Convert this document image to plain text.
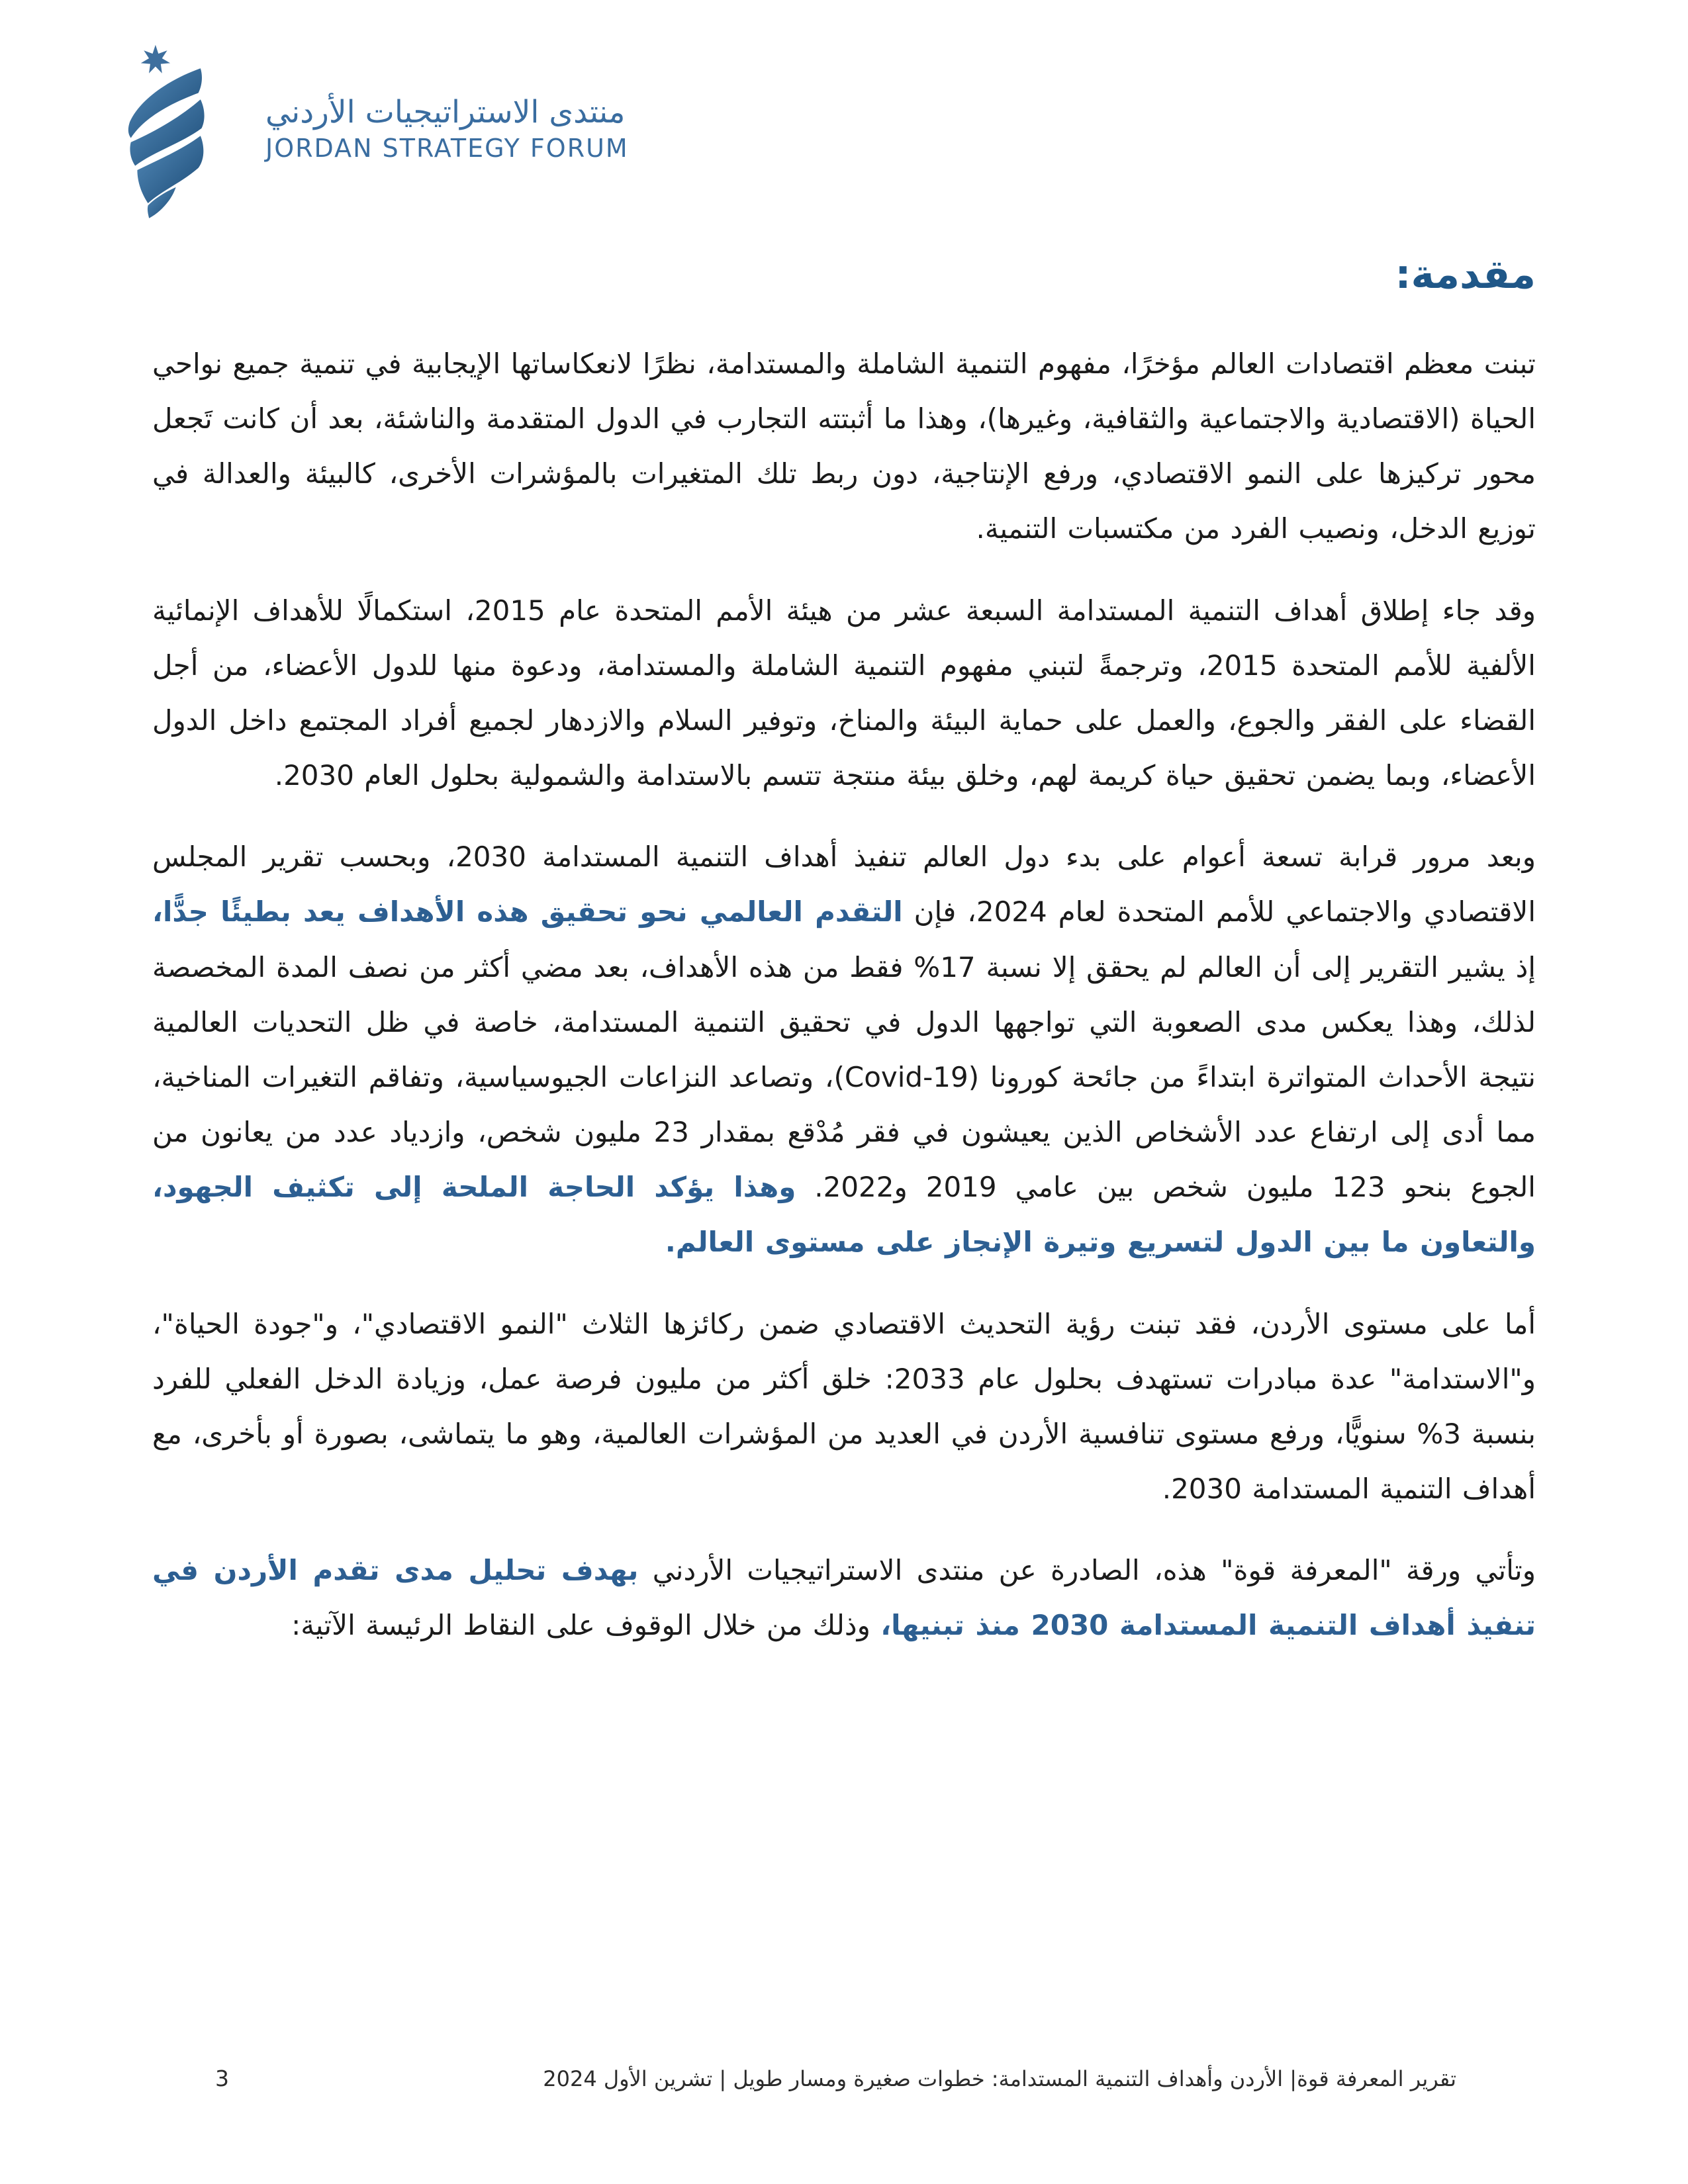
منتدى الاستراتيجيات الأردني
JORDAN STRATEGY FORUM
مقدمة:

تبنت معظم اقتصادات العالم مؤخرًا، مفهوم التنمية الشاملة والمستدامة، نظرًا لانعكاساتها الإيجابية في تنمية جميع نواحي الحياة (الاقتصادية والاجتماعية والثقافية، وغيرها)، وهذا ما أثبتته التجارب في الدول المتقدمة والناشئة، بعد أن كانت تَجعل محور تركيزها على النمو الاقتصادي، ورفع الإنتاجية، دون ربط تلك المتغيرات بالمؤشرات الأخرى، كالبيئة والعدالة في توزيع الدخل، ونصيب الفرد من مكتسبات التنمية.

وقد جاء إطلاق أهداف التنمية المستدامة السبعة عشر من هيئة الأمم المتحدة عام 2015، استكمالًا للأهداف الإنمائية الألفية للأمم المتحدة 2015، وترجمةً لتبني مفهوم التنمية الشاملة والمستدامة، ودعوة منها للدول الأعضاء، من أجل القضاء على الفقر والجوع، والعمل على حماية البيئة والمناخ، وتوفير السلام والازدهار لجميع أفراد المجتمع داخل الدول الأعضاء، وبما يضمن تحقيق حياة كريمة لهم، وخلق بيئة منتجة تتسم بالاستدامة والشمولية بحلول العام 2030.

وبعد مرور قرابة تسعة أعوام على بدء دول العالم تنفيذ أهداف التنمية المستدامة 2030، وبحسب تقرير المجلس الاقتصادي والاجتماعي للأمم المتحدة لعام 2024، فإن التقدم العالمي نحو تحقيق هذه الأهداف يعد بطيئًا جدًّا، إذ يشير التقرير إلى أن العالم لم يحقق إلا نسبة 17% فقط من هذه الأهداف، بعد مضي أكثر من نصف المدة المخصصة لذلك، وهذا يعكس مدى الصعوبة التي تواجهها الدول في تحقيق التنمية المستدامة، خاصة في ظل التحديات العالمية نتيجة الأحداث المتواترة ابتداءً من جائحة كورونا (Covid-19)، وتصاعد النزاعات الجيوسياسية، وتفاقم التغيرات المناخية، مما أدى إلى ارتفاع عدد الأشخاص الذين يعيشون في فقر مُدْقع بمقدار 23 مليون شخص، وازدياد عدد من يعانون من الجوع بنحو 123 مليون شخص بين عامي 2019 و2022. وهذا يؤكد الحاجة الملحة إلى تكثيف الجهود، والتعاون ما بين الدول لتسريع وتيرة الإنجاز على مستوى العالم.

أما على مستوى الأردن، فقد تبنت رؤية التحديث الاقتصادي ضمن ركائزها الثلاث "النمو الاقتصادي"، و"جودة الحياة"، و"الاستدامة" عدة مبادرات تستهدف بحلول عام 2033: خلق أكثر من مليون فرصة عمل، وزيادة الدخل الفعلي للفرد بنسبة 3% سنويًّا، ورفع مستوى تنافسية الأردن في العديد من المؤشرات العالمية، وهو ما يتماشى، بصورة أو بأخرى، مع أهداف التنمية المستدامة 2030.

وتأتي ورقة "المعرفة قوة" هذه، الصادرة عن منتدى الاستراتيجيات الأردني بهدف تحليل مدى تقدم الأردن في تنفيذ أهداف التنمية المستدامة 2030 منذ تبنيها، وذلك من خلال الوقوف على النقاط الرئيسة الآتية:

3	تقرير المعرفة قوة| الأردن وأهداف التنمية المستدامة: خطوات صغيرة ومسار طويل | تشرين الأول 2024
